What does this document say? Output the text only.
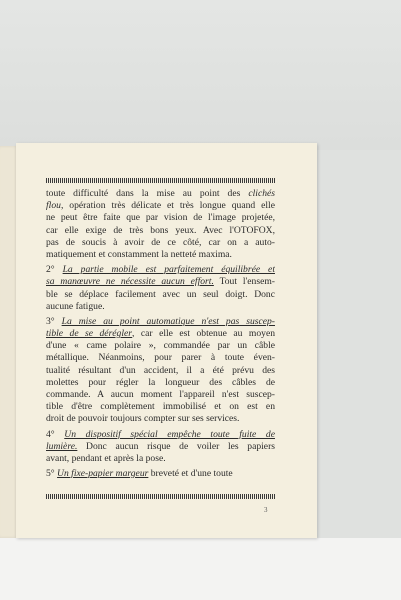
toute difficulté dans la mise au point des clichés
flou, opération très délicate et très longue quand elle
ne peut être faite que par vision de l'image projetée,
car elle exige de très bons yeux. Avec l'OTOFOX,
pas de soucis à avoir de ce côté, car on a auto-
matiquement et constamment la netteté maxima.
2° La partie mobile est parfaitement équilibrée et
sa manœuvre ne nécessite aucun effort. Tout l'ensem-
ble se déplace facilement avec un seul doigt. Donc
aucune fatigue.
3° La mise au point automatique n'est pas suscep-
tible de se dérégler, car elle est obtenue au moyen
d'une « came polaire », commandée par un câble
métallique. Néanmoins, pour parer à toute éven-
tualité résultant d'un accident, il a été prévu des
molettes pour régler la longueur des câbles de
commande. A aucun moment l'appareil n'est suscep-
tible d'être complètement immobilisé et on est en
droit de pouvoir toujours compter sur ses services.
4° Un dispositif spécial empêche toute fuite de
lumière. Donc aucun risque de voiler les papiers
avant, pendant et après la pose.
5° Un fixe-papier margeur breveté et d'une toute
3
